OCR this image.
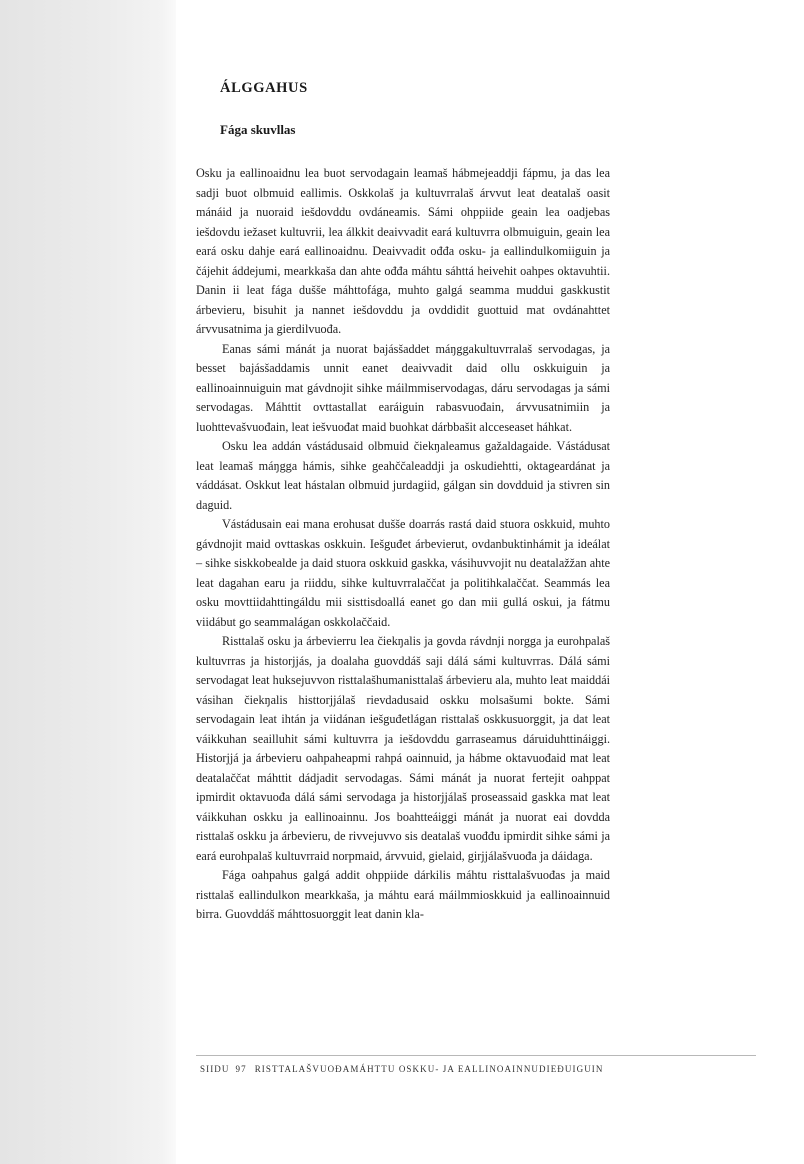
ÁLGGAHUS
Fága skuvllas

Osku ja eallinoaidnu lea buot servodagain leamaš hábmejeaddji fápmu, ja das lea sadji buot olbmuid eallimis. Oskkolaš ja kultuvrralaš árvvut leat deatalaš oasit mánáid ja nuoraid iešdovddu ovdáneamis. Sámi ohppiide geain lea oadjebas iešdovdu iežaset kultuvrii, lea álkkit deaivvadit eará kultuvrra olbmuiguin, geain lea eará osku dahje eará eallinoaidnu. Deaivvadit ođđa osku- ja eallindulkomiiguin ja čájehit áddejumi, mearkkaša dan ahte ođđa máhtu sáhttá heivehit oahpes oktavuhtii. Danin ii leat fága dušše máhttofága, muhto galgá seamma muddui gaskkustit árbevieru, bisuhit ja nannet iešdovddu ja ovddidit guottuid mat ovdánahttet árvvusatnima ja gierdilvuođa.

Eanas sámi mánát ja nuorat bajásšaddet máŋggakultuvrralaš servodagas, ja besset bajásšaddamis unnit eanet deaivvadit daid ollu oskkuiguin ja eallinoainnuiguin mat gávdnojit sihke máilmmiservodagas, dáru servodagas ja sámi servodagas. Máhttit ovttastallat earáiguin rabasvuođain, árvvusatnimiin ja luohttevašvuođain, leat iešvuođat maid buohkat dárbbašit alcceseaset háhkat.

Osku lea addán vástádusaid olbmuid čiekŋaleamus gažaldagaide. Vástádusat leat leamaš máŋgga hámis, sihke geahččaleaddji ja oskudiehtti, oktageardánat ja váddásat. Oskkut leat hástalan olbmuid jurdagiid, gálgan sin dovdduid ja stivren sin daguid.

Vástádusain eai mana erohusat dušše doarrás rastá daid stuora oskkuid, muhto gávdnojit maid ovttaskas oskkuin. Iešguđet árbevierut, ovdanbuktinhámit ja ideálat – sihke siskkobealde ja daid stuora oskkuid gaskka, vásihuvvojit nu deatalažžan ahte leat dagahan earu ja riiddu, sihke kultuvrralaččat ja politihkalaččat. Seammás lea osku movttiidahttingáldu mii sisttisdoallá eanet go dan mii gullá oskui, ja fátmu viidábut go seammalágan oskkolaččaid.

Risttalaš osku ja árbevierru lea čiekŋalis ja govda rávdnji norgga ja eurohpalaš kultuvrras ja historjjás, ja doalaha guovddáš saji dálá sámi kultuvrras. Dálá sámi servodagat leat huksejuvvon risttalašhumanisttalaš árbevieru ala, muhto leat maiddái vásihan čiekŋalis histtorjjálaš rievdadusaid oskku molsašumi bokte. Sámi servodagain leat ihtán ja viidánan iešguđetlágan risttalaš oskkusuorggit, ja dat leat váikkuhan seailluhit sámi kultuvrra ja iešdovddu garraseamus dáruiduhttináiggi. Historjjá ja árbevieru oahpaheapmi rahpá oainnuid, ja hábme oktavuođaid mat leat deatalaččat máhttit dádjadit servodagas. Sámi mánát ja nuorat fertejit oahppat ipmirdit oktavuođa dálá sámi servodaga ja historjjálaš proseassaid gaskka mat leat váikkuhan oskku ja eallinoainnu. Jos boahtteáiggi mánát ja nuorat eai dovdda risttalaš oskku ja árbevieru, de rivvejuvvo sis deatalaš vuođđu ipmirdit sihke sámi ja eará eurohpalaš kultuvrraid norpmaid, árvvuid, gielaid, girjjálašvuođa ja dáidaga.

Fága oahpahus galgá addit ohppiide dárkilis máhtu risttalašvuođas ja maid risttalaš eallindulkon mearkkaša, ja máhtu eará máilmmioskkuid ja eallinoainnuid birra. Guovddáš máhttosuorggit leat danin kla-

SIIDU 97 RISTTALAŠVUOĐAMÁHTTU OSKKU- JA EALLINOAINNUDIEĐUIGUIN
